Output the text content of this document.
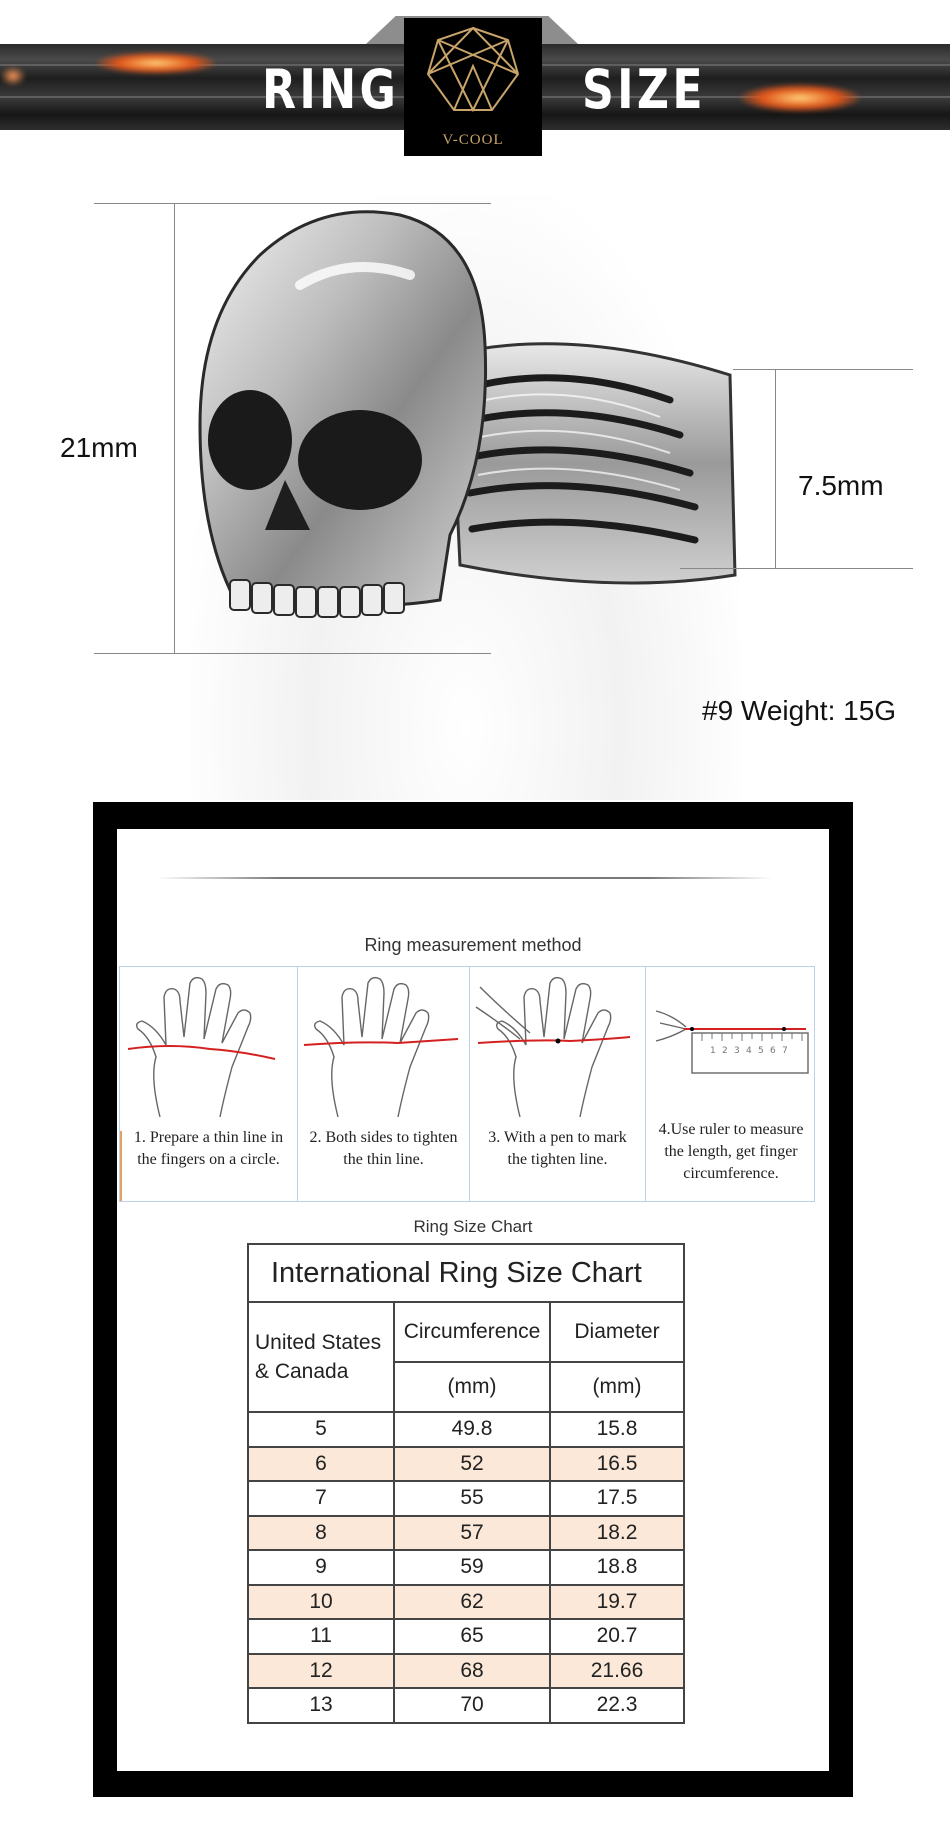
RING	SIZE
V-COOL
21mm
7.5mm
#9 Weight: 15G
Ring measurement method
1. Prepare a thin line in
the fingers on a circle.
2. Both sides to tighten
the thin line.
3. With a pen to mark
the tighten line.
1 2 3 4 5 6 7
4.Use ruler to measure
the length, get finger
circumference.
Ring Size Chart
International Ring Size Chart		

United States
& Canada	Circumference	Diameter
	(mm)	(mm)
5	49.8	15.8
6	52	16.5
7	55	17.5
8	57	18.2
9	59	18.8
10	62	19.7
11	65	20.7
12	68	21.66
13	70	22.3
